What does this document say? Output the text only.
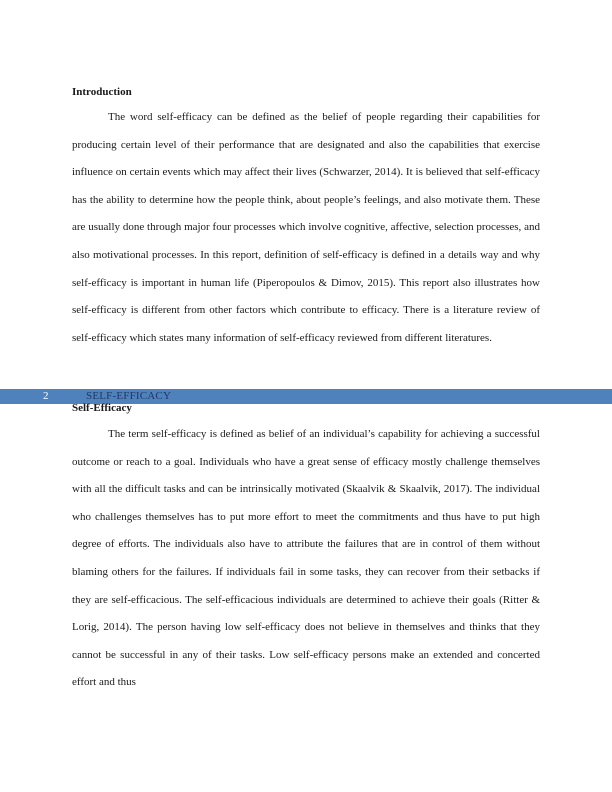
Introduction

The word self-efficacy can be defined as the belief of people regarding their capabilities for producing certain level of their performance that are designated and also the capabilities that exercise influence on certain events which may affect their lives (Schwarzer, 2014). It is believed that self-efficacy has the ability to determine how the people think, about people’s feelings, and also motivate them. These are usually done through major four processes which involve cognitive, affective, selection processes, and also motivational processes. In this report, definition of self-efficacy is defined in a details way and why self-efficacy is important in human life (Piperopoulos & Dimov, 2015). This report also illustrates how self-efficacy is different from other factors which contribute to efficacy. There is a literature review of self-efficacy which states many information of self-efficacy reviewed from different literatures.

2	SELF-EFFICACY
Self-Efficacy

The term self-efficacy is defined as belief of an individual’s capability for achieving a successful outcome or reach to a goal. Individuals who have a great sense of efficacy mostly challenge themselves with all the difficult tasks and can be intrinsically motivated (Skaalvik & Skaalvik, 2017). The individual who challenges themselves has to put more effort to meet the commitments and thus have to put high degree of efforts. The individuals also have to attribute the failures that are in control of them without blaming others for the failures. If individuals fail in some tasks, they can recover from their setbacks if they are self-efficacious. The self-efficacious individuals are determined to achieve their goals (Ritter & Lorig, 2014). The person having low self-efficacy does not believe in themselves and thinks that they cannot be successful in any of their tasks. Low self-efficacy persons make an extended and concerted effort and thus
